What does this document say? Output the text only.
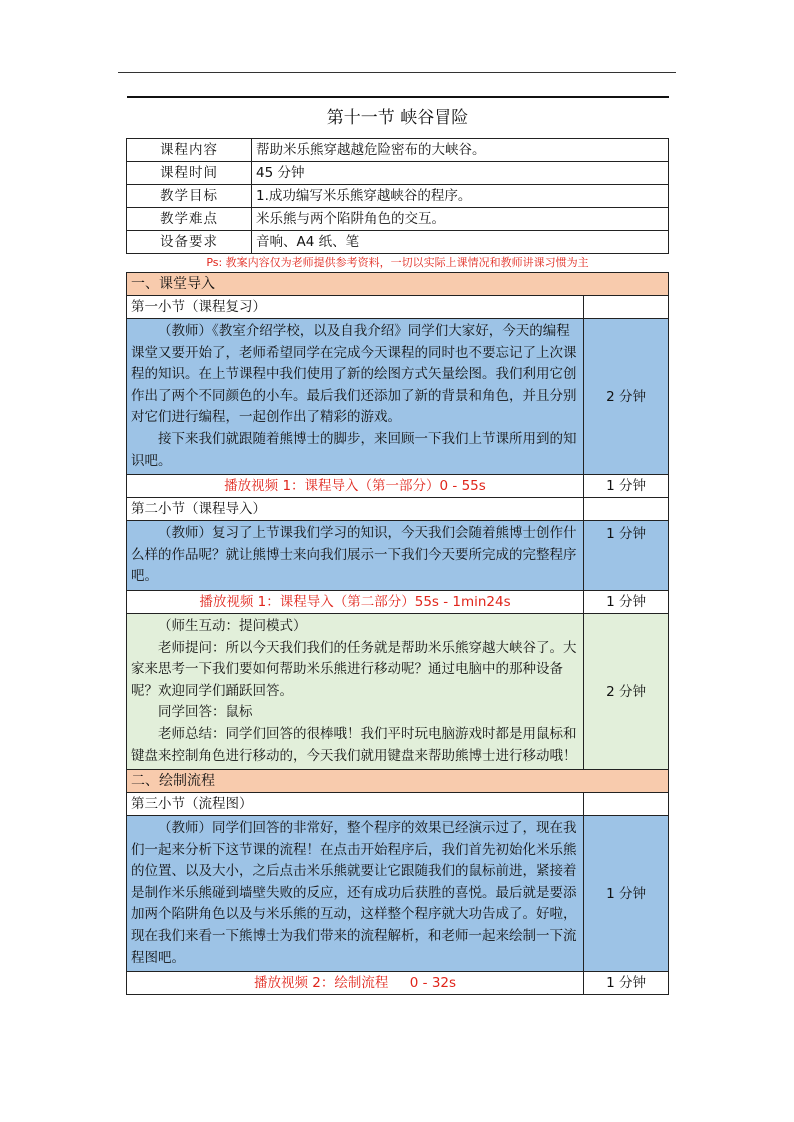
第十一节 峡谷冒险		
课程内容	帮助米乐熊穿越越危险密布的大峡谷。	
课程时间	45 分钟	
教学目标	1.成功编写米乐熊穿越峡谷的程序。	
教学难点	米乐熊与两个陷阱角色的交互。	
设备要求	音响、A4 纸、笔	
Ps: 教案内容仅为老师提供参考资料，一切以实际上课情况和教师讲课习惯为主		
一、课堂导入		
第一小节（课程复习）		

（教师）《教室介绍学校，以及自我介绍》同学们大家好，今天的编程课堂又要开始了，老师希望同学在完成今天课程的同时也不要忘记了上次课程的知识。在上节课程中我们使用了新的绘图方式矢量绘图。我们利用它创作出了两个不同颜色的小车。最后我们还添加了新的背景和角色，并且分别对它们进行编程，一起创作出了精彩的游戏。

接下来我们就跟随着熊博士的脚步，来回顾一下我们上节课所用到的知识吧。		2 分钟
播放视频 1：课程导入（第一部分）0 - 55s		1 分钟
第二小节（课程导入）		

（教师）复习了上节课我们学习的知识，今天我们会随着熊博士创作什么样的作品呢？就让熊博士来向我们展示一下我们今天要所完成的完整程序吧。		1 分钟
播放视频 1：课程导入（第二部分）55s - 1min24s		1 分钟

（师生互动：提问模式）

老师提问：所以今天我们我们的任务就是帮助米乐熊穿越大峡谷了。大家来思考一下我们要如何帮助米乐熊进行移动呢？通过电脑中的那种设备呢？欢迎同学们踊跃回答。

同学回答：鼠标

老师总结：同学们回答的很棒哦！我们平时玩电脑游戏时都是用鼠标和键盘来控制角色进行移动的，今天我们就用键盘来帮助熊博士进行移动哦！		2 分钟
二、绘制流程		
第三小节（流程图）		

（教师）同学们回答的非常好，整个程序的效果已经演示过了，现在我们一起来分析下这节课的流程！在点击开始程序后，我们首先初始化米乐熊的位置、以及大小，之后点击米乐熊就要让它跟随我们的鼠标前进，紧接着是制作米乐熊碰到墙壁失败的反应，还有成功后获胜的喜悦。最后就是要添加两个陷阱角色以及与米乐熊的互动，这样整个程序就大功告成了。好啦，现在我们来看一下熊博士为我们带来的流程解析，和老师一起来绘制一下流程图吧。		1 分钟
播放视频 2：绘制流程     0 - 32s		1 分钟
